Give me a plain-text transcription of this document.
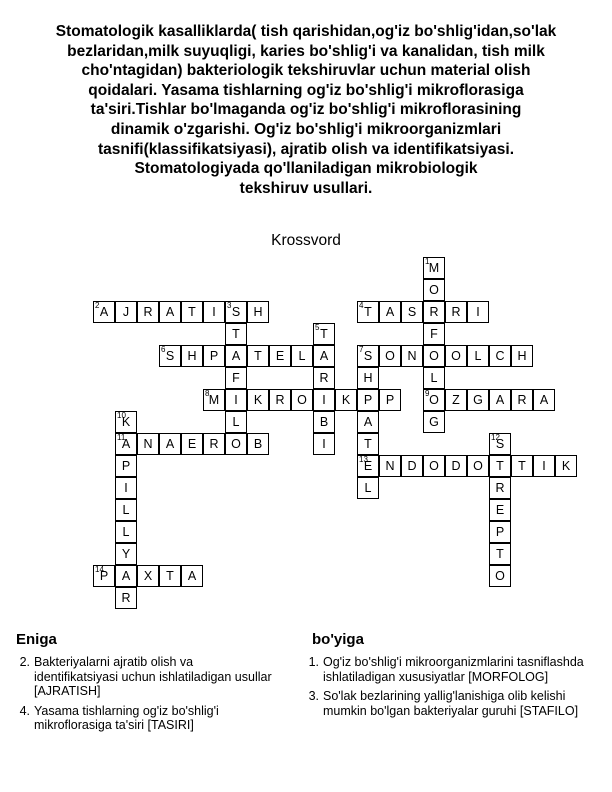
Stomatologik kasalliklarda( tish qarishidan,og'iz bo'shlig'idan,so'lak
bezlaridan,milk suyuqligi, karies bo'shlig'i va kanalidan, tish milk
cho'ntagidan) bakteriologik tekshiruvlar uchun material olish
qoidalari. Yasama tishlarning og'iz bo'shlig'i mikroflorasiga
ta'siri.Tishlar bo'lmaganda og'iz bo'shlig'i mikroflorasining
dinamik o'zgarishi. Og'iz bo'shlig'i mikroorganizmlari
tasnifi(klassifikatsiyasi), ajratib olish va identifikatsiyasi.
Stomatologiyada qo'llaniladigan mikrobiologik
tekshiruv usullari.
Krossvord
1 M
O
R
F
O
L
9 O
G
2 A	J	R	A	T	I	3 S	H
T
A
F
I
L
O
4 T	A	S	R	I
5 T
A
R
I
B
I
6 S	H	P	T	E	L	7 S	O	N	O	L	C	H
H
P
A
T
13
E
L
8 M	K	R	O	K	P	Z	G	A	R	A
10
K
11
A
P
I
L
L
Y
A
R
N	A	E	R	B	12
S
T
R
E
P
T
O
N	D	O	D	O	T	I	K
14
P	X	T	A
Eniga
2. Bakteriyalarni ajratib olish va identifikatsiyasi uchun ishlatiladigan usullar [AJRATISH]
4. Yasama tishlarning og'iz bo'shlig'i mikroflorasiga ta'siri [TASIRI]
bo'yiga
1. Og'iz bo'shlig'i mikroorganizmlarini tasniflashda ishlatiladigan xususiyatlar [MORFOLOG]
3. So'lak bezlarining yallig'lanishiga olib kelishi mumkin bo'lgan bakteriyalar guruhi [STAFILO]
